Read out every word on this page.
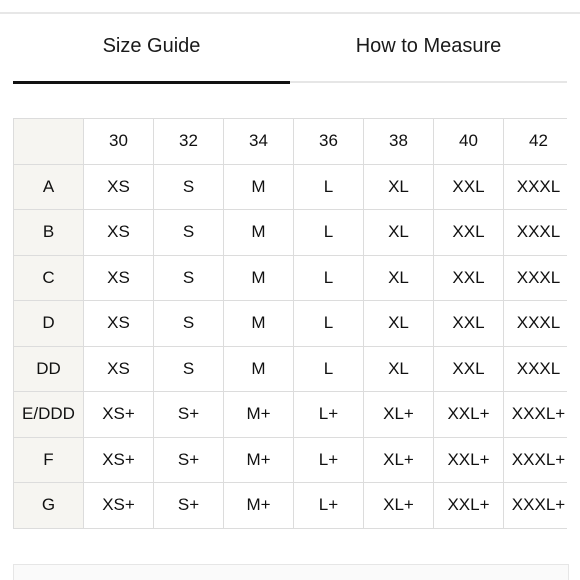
Size Guide	How to Measure
	30	32	34	36	38	40	42
A	XS	S	M	L	XL	XXL	XXXL
B	XS	S	M	L	XL	XXL	XXXL
C	XS	S	M	L	XL	XXL	XXXL
D	XS	S	M	L	XL	XXL	XXXL
DD	XS	S	M	L	XL	XXL	XXXL
E/DDD	XS+	S+	M+	L+	XL+	XXL+	XXXL+
F	XS+	S+	M+	L+	XL+	XXL+	XXXL+
G	XS+	S+	M+	L+	XL+	XXL+	XXXL+
